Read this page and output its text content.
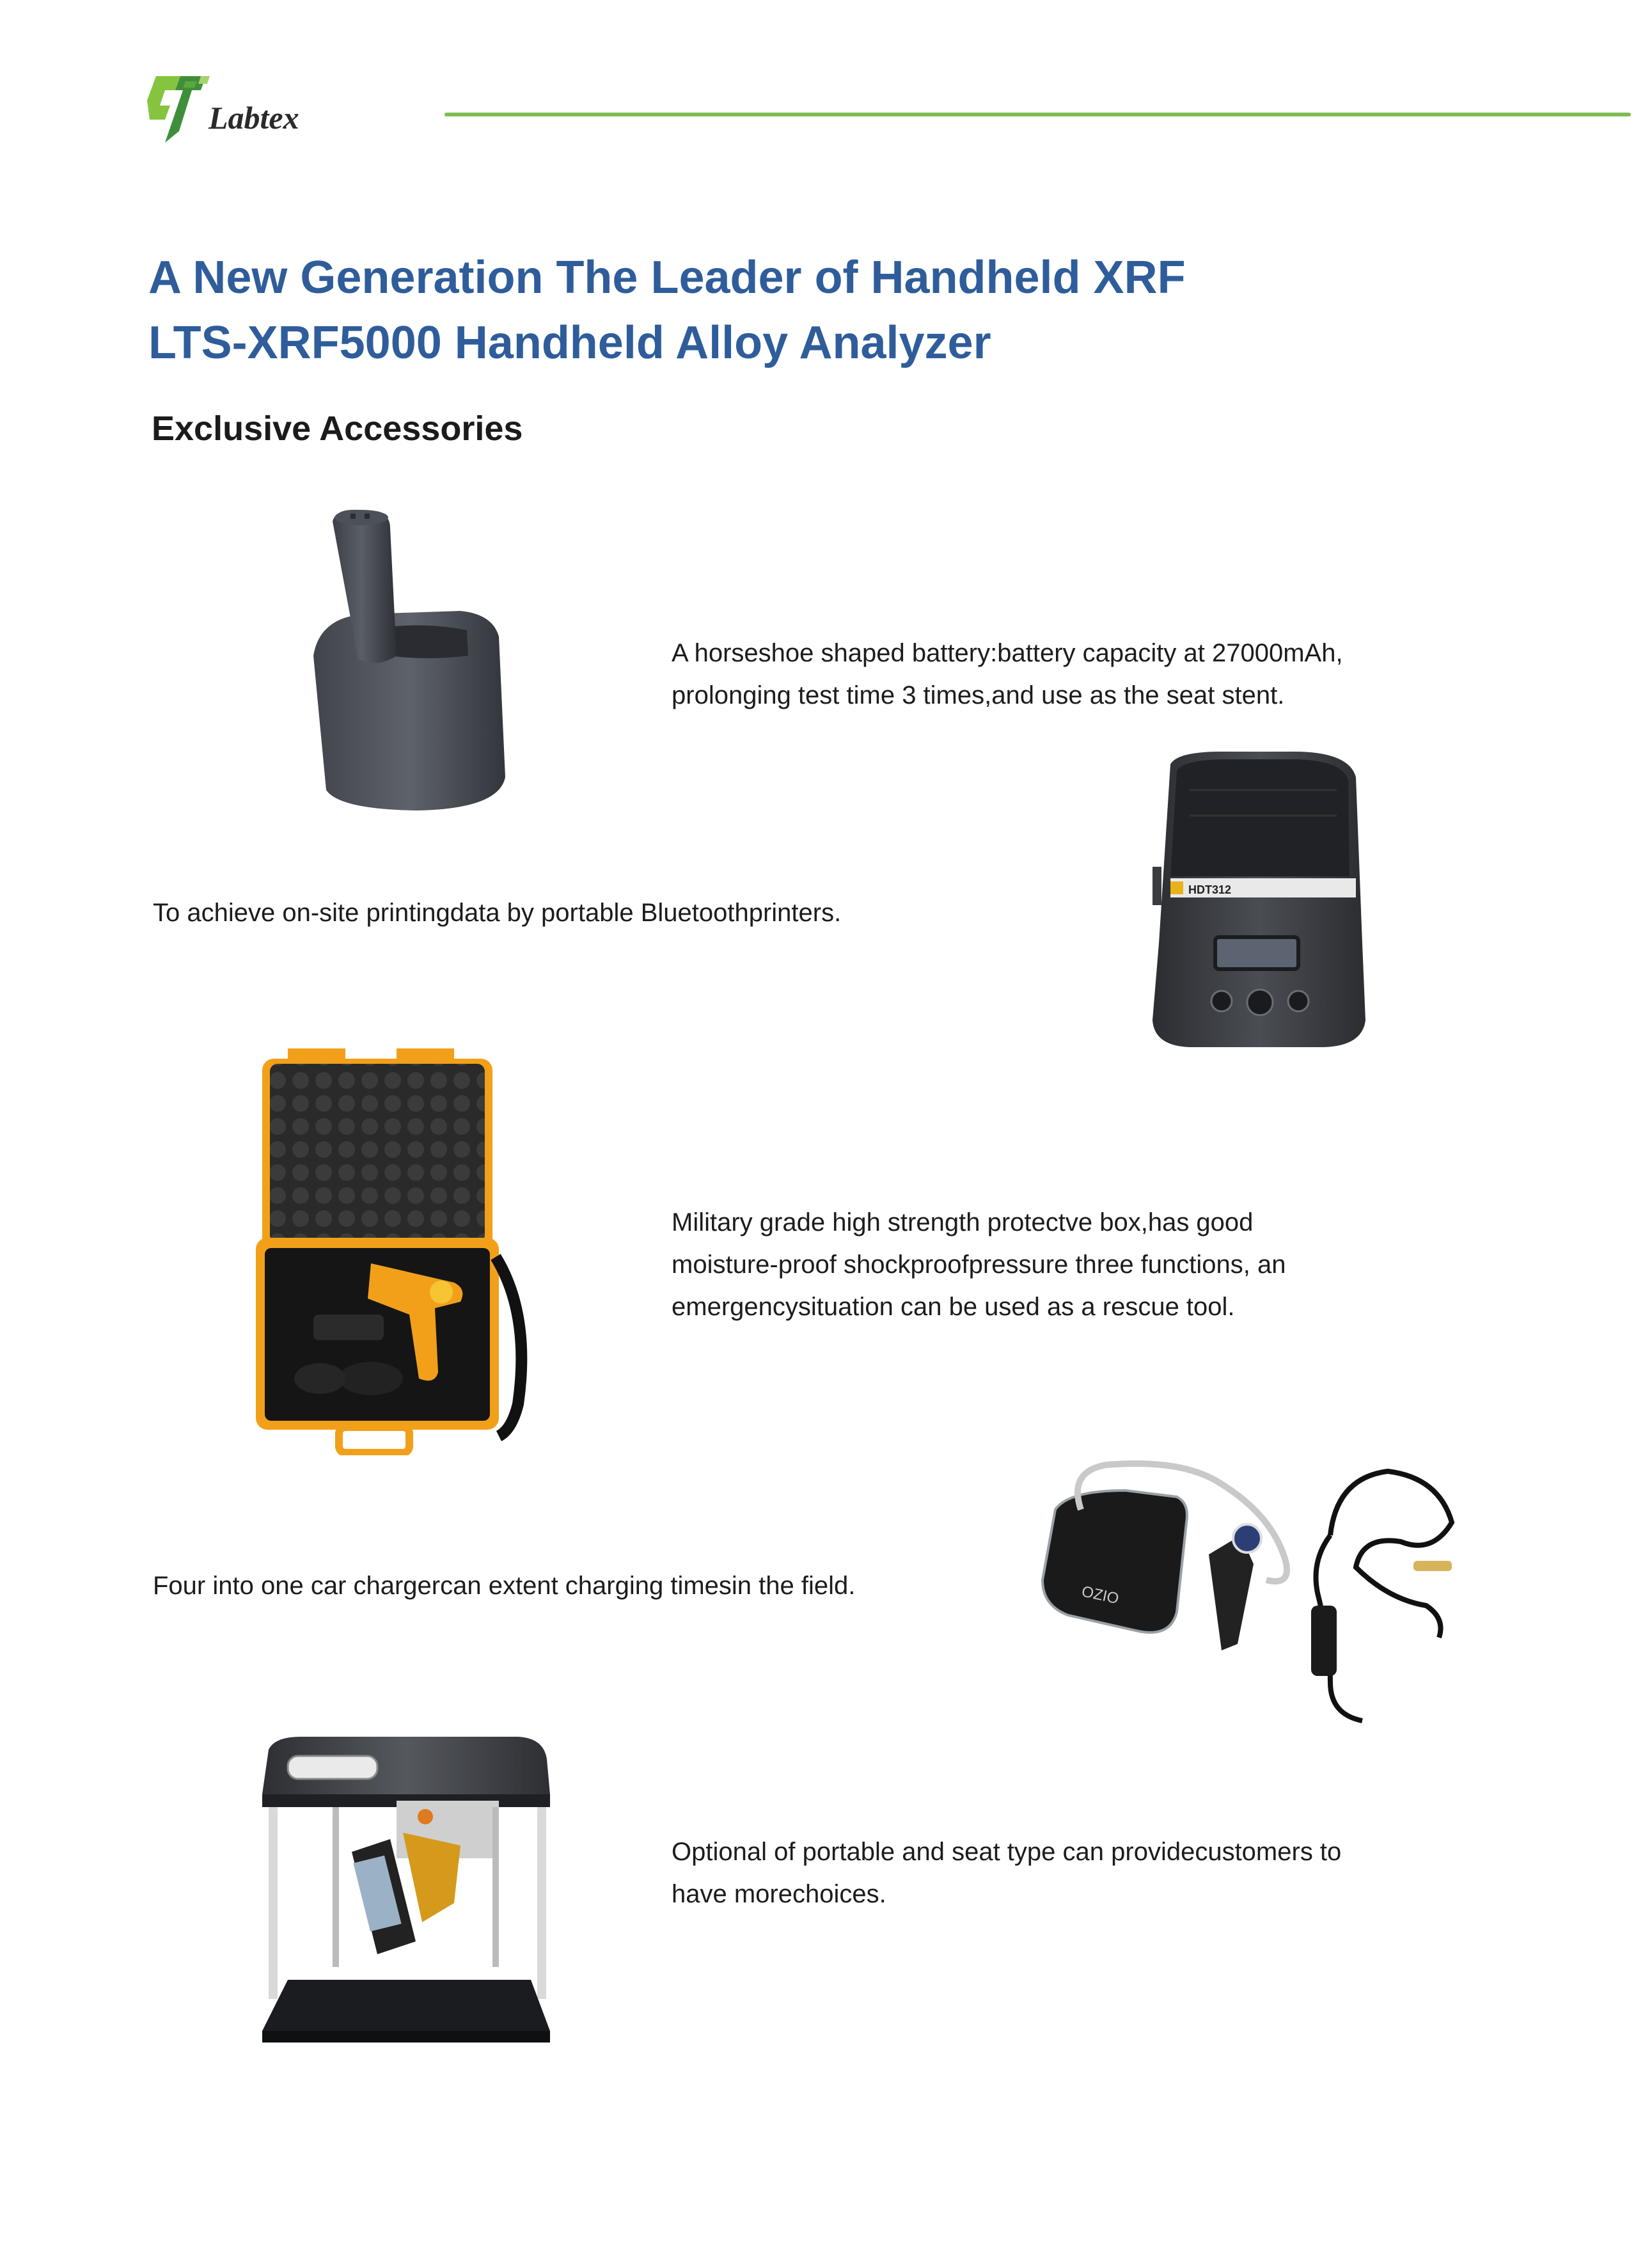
Labtex
A New Generation The Leader of Handheld XRF
LTS-XRF5000 Handheld Alloy Analyzer
Exclusive Accessories
A horseshoe shaped battery:battery capacity at 27000mAh,
prolonging test time 3 times,and use as the seat stent.
HDT312
To achieve on-site printingdata by portable Bluetoothprinters.
Military grade high strength protectve box,has good
moisture-proof shockproofpressure three functions, an
emergencysituation can be used as a rescue tool.
OZIO
Four into one car chargercan extent charging timesin the field.
Optional of portable and seat type can providecustomers to
have morechoices.
